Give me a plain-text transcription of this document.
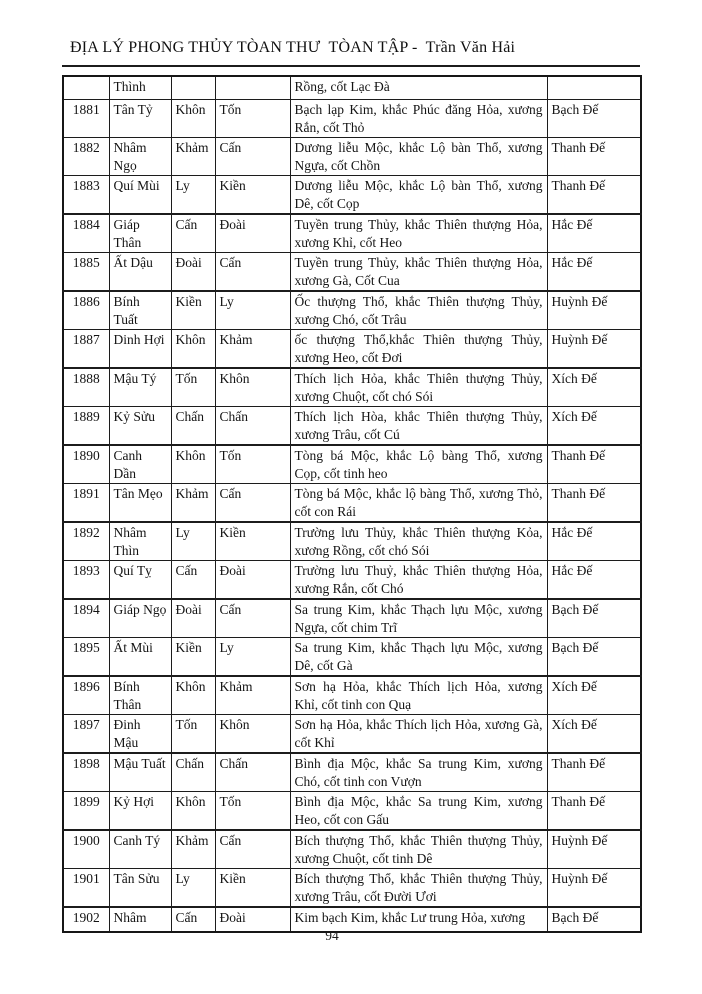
ĐỊA LÝ PHONG THỦY TÒAN THƯ  TÒAN TẬP -  Trần Văn Hải
	Thình			Rồng, cốt Lạc Đà	
1881	Tân Tỷ	Khôn	Tốn	Bạch lạp Kim, khắc Phúc đăng Hỏa, xương Rắn, cốt Thỏ	Bạch Đế
1882	Nhâm Ngọ	Khảm	Cấn	Dương liễu Mộc, khắc Lộ bàn Thổ, xương Ngựa, cốt Chồn	Thanh Đế
1883	Quí Mùi	Ly	Kiền	Dương liễu Mộc, khắc Lộ bàn Thổ, xương Dê, cốt Cọp	Thanh Đế
1884	Giáp Thân	Cấn	Đoài	Tuyền trung Thủy, khắc Thiên thượng Hỏa, xương Khỉ, cốt Heo	Hắc Đế
1885	Ất Dậu	Đoài	Cấn	Tuyền trung Thủy, khắc Thiên thượng Hỏa, xương Gà, Cốt Cua	Hắc Đế
1886	Bính Tuất	Kiền	Ly	Ốc thượng Thổ, khắc Thiên thượng Thủy, xương Chó, cốt Trâu	Huỳnh Đế
1887	Dinh Hợi	Khôn	Khảm	ốc thượng Thổ,khắc Thiên thượng Thủy, xương Heo, cốt Đơi	Huỳnh Đế
1888	Mậu Tý	Tốn	Khôn	Thích lịch Hỏa, khắc Thiên thượng Thủy, xương Chuột, cốt chó Sói	Xích Đế
1889	Kỷ Sửu	Chấn	Chấn	Thích lịch Hòa, khắc Thiên thượng Thủy, xương Trâu, cốt Cú	Xích Đế
1890	Canh Dần	Khôn	Tốn	Tòng bá Mộc, khắc Lộ bàng Thổ, xương Cọp, cốt tinh heo	Thanh Đế
1891	Tân Mẹo	Khảm	Cấn	Tòng bá Mộc, khắc lộ bàng Thổ, xương Thỏ, cốt con Rái	Thanh Đế
1892	Nhâm Thìn	Ly	Kiền	Trường lưu Thủy, khắc Thiên thượng Kỏa, xương Rồng, cốt chó Sói	Hắc Đế
1893	Quí Tỵ	Cấn	Đoài	Trường lưu Thuỷ, khắc Thiên thượng Hỏa, xương Rắn, cốt Chó	Hắc Đế
1894	Giáp Ngọ	Đoài	Cấn	Sa trung Kim, khắc Thạch lựu Mộc, xương Ngựa, cốt chim Trĩ	Bạch Đế
1895	Ất Mùi	Kiền	Ly	Sa trung Kim, khắc Thạch lựu Mộc, xương Dê, cốt Gà	Bạch Đế
1896	Bính Thân	Khôn	Khảm	Sơn hạ Hỏa, khắc Thích lịch Hỏa, xương Khỉ, cốt tinh con Quạ	Xích Đế
1897	Đinh Mậu	Tốn	Khôn	Sơn hạ Hỏa, khắc Thích lịch Hỏa, xương Gà, cốt Khỉ	Xích Đế
1898	Mậu Tuất	Chấn	Chấn	Bình địa Mộc, khắc Sa trung Kim, xương Chó, cốt tinh con Vượn	Thanh Đế
1899	Kỷ Hợi	Khôn	Tốn	Bình địa Mộc, khắc Sa trung Kim, xương Heo, cốt con Gấu	Thanh Đế
1900	Canh Tý	Khảm	Cấn	Bích thượng Thổ, khắc Thiên thượng Thủy, xương Chuột, cốt tinh Dê	Huỳnh Đế
1901	Tân Sửu	Ly	Kiền	Bích thượng Thổ, khắc Thiên thượng Thủy, xương Trâu, cốt Đười Ươi	Huỳnh Đế
1902	Nhâm	Cấn	Đoài	Kim bạch Kim, khắc Lư trung Hỏa, xương	Bạch Đế
94
